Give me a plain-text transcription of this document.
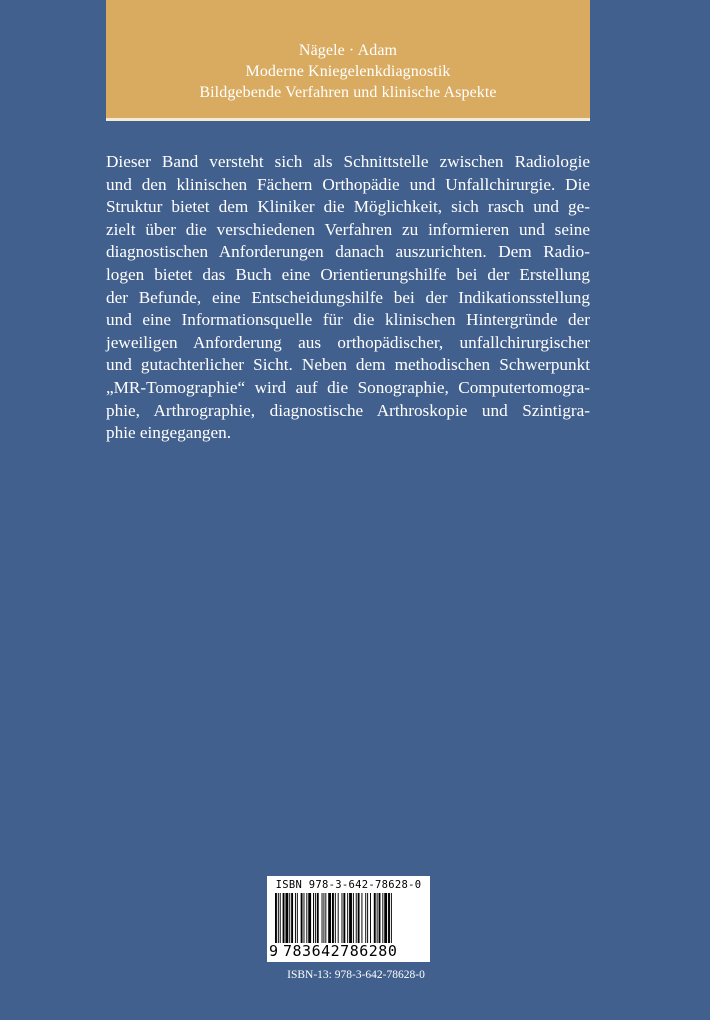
Nägele · Adam
Moderne Kniegelenkdiagnostik
Bildgebende Verfahren und klinische Aspekte
Dieser Band versteht sich als Schnittstelle zwischen Radiologie
und den klinischen Fächern Orthopädie und Unfallchirurgie. Die
Struktur bietet dem Kliniker die Möglichkeit, sich rasch und ge-
zielt über die verschiedenen Verfahren zu informieren und seine
diagnostischen Anforderungen danach auszurichten. Dem Radio-
logen bietet das Buch eine Orientierungshilfe bei der Erstellung
der Befunde, eine Entscheidungshilfe bei der Indikationsstellung
und eine Informationsquelle für die klinischen Hintergründe der
jeweiligen Anforderung aus orthopädischer, unfallchirurgischer
und gutachterlicher Sicht. Neben dem methodischen Schwerpunkt
„MR-Tomographie“ wird auf die Sonographie, Computertomogra-
phie, Arthrographie, diagnostische Arthroskopie und Szintigra-
phie eingegangen.
ISBN 978-3-642-78628-0
9 783642786280
ISBN-13: 978-3-642-78628-0
